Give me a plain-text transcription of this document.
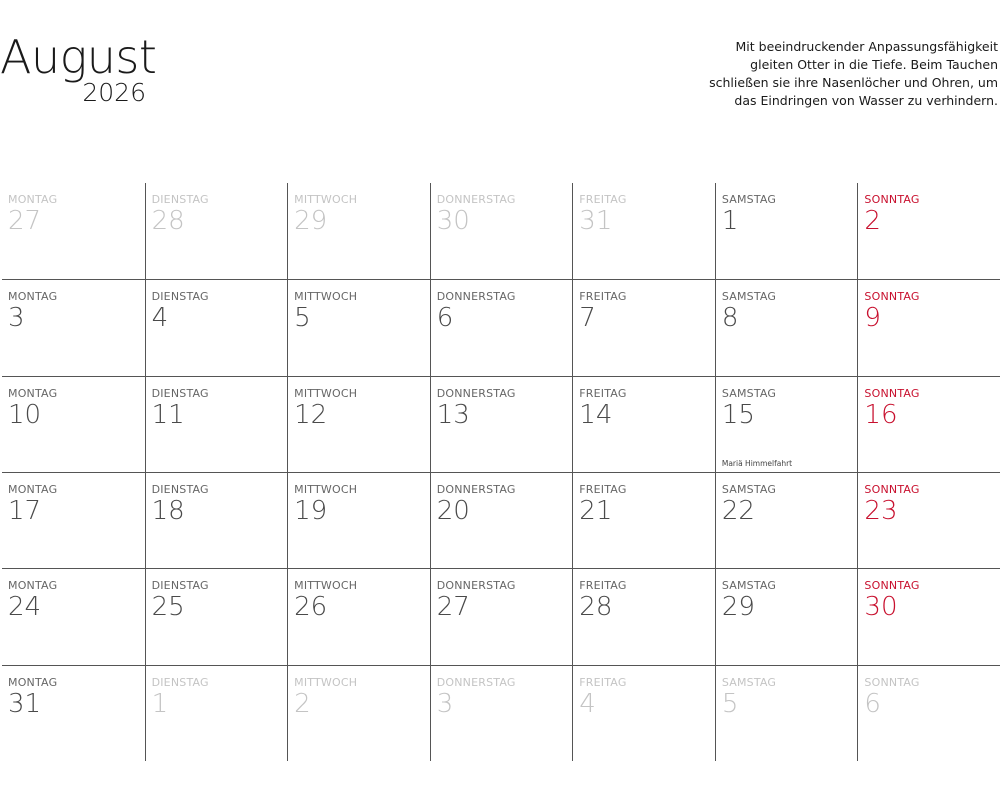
August
2026
Mit beeindruckender Anpassungsfähigkeit gleiten Otter in die Tiefe. Beim Tauchen schließen sie ihre Nasenlöcher und Ohren, um das Eindringen von Wasser zu verhindern.
MONTAG
27
DIENSTAG
28
MITTWOCH
29
DONNERSTAG
30
FREITAG
31
SAMSTAG
1
SONNTAG
2
MONTAG
3
DIENSTAG
4
MITTWOCH
5
DONNERSTAG
6
FREITAG
7
SAMSTAG
8
SONNTAG
9
MONTAG
10
DIENSTAG
11
MITTWOCH
12
DONNERSTAG
13
FREITAG
14
SAMSTAG
15
Mariä Himmelfahrt
SONNTAG
16
MONTAG
17
DIENSTAG
18
MITTWOCH
19
DONNERSTAG
20
FREITAG
21
SAMSTAG
22
SONNTAG
23
MONTAG
24
DIENSTAG
25
MITTWOCH
26
DONNERSTAG
27
FREITAG
28
SAMSTAG
29
SONNTAG
30
MONTAG
31
DIENSTAG
1
MITTWOCH
2
DONNERSTAG
3
FREITAG
4
SAMSTAG
5
SONNTAG
6
